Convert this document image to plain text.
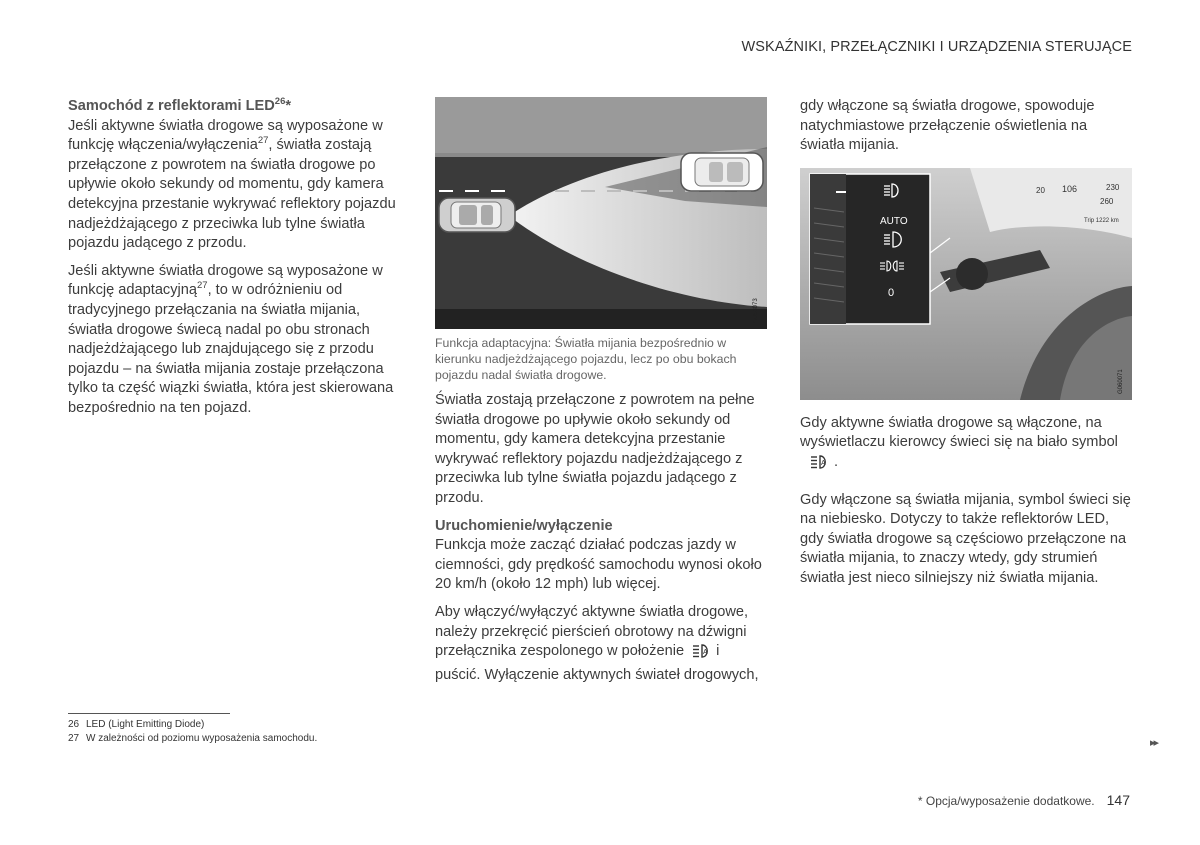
WSKAŹNIKI, PRZEŁĄCZNIKI I URZĄDZENIA STERUJĄCE
Samochód z reflektorami LED$^{26}$*

Jeśli aktywne światła drogowe są wyposażone w funkcję włączenia/wyłączenia$^{27}$, światła zostają przełączone z powrotem na światła drogowe po upływie około sekundy od momentu, gdy kamera detekcyjna przestanie wykrywać reflektory pojazdu nadjeżdżającego z przeciwka lub tylne światła pojazdu jadącego z przodu.

Jeśli aktywne światła drogowe są wyposażone w funkcję adaptacyjną$^{27}$, to w odróżnieniu od tradycyjnego przełączania na światła mijania, światła drogowe świecą nadal po obu stronach nadjeżdżającego lub znajdującego się z przodu pojazdu – na światła mijania zostaje przełączona tylko ta część wiązki światła, która jest skierowana bezpośrednio na ten pojazd.

G053073

Funkcja adaptacyjna: Światła mijania bezpośrednio w kierunku nadjeżdżającego pojazdu, lecz po obu bokach pojazdu nadal światła drogowe.

Światła zostają przełączone z powrotem na pełne światła drogowe po upływie około sekundy od momentu, gdy kamera detekcyjna przestanie wykrywać reflektory pojazdu nadjeżdżającego z przeciwka lub tylne światła pojazdu jadącego z przodu.

Uruchomienie/wyłączenie

Funkcja może zacząć działać podczas jazdy w ciemności, gdy prędkość samochodu wynosi około 20 km/h (około 12 mph) lub więcej.

Aby włączyć/wyłączyć aktywne światła drogowe, należy przekręcić pierścień obrotowy na dźwigni przełącznika zespolonego w położenie	A i puścić. Wyłączenie aktywnych świateł drogowych,

gdy włączone są światła drogowe, spowoduje natychmiastowe przełączenie oświetlenia na światła mijania.

20	230
106
260
Trip 1222 km
AUTO
0
G060071

Gdy aktywne światła drogowe są włączone, na wyświetlaczu kierowcy świeci się na biało symbol

A .

Gdy włączone są światła mijania, symbol świeci się na niebiesko. Dotyczy to także reflektorów LED, gdy światła drogowe są częściowo przełączone na światła mijania, to znaczy wtedy, gdy strumień światła jest nieco silniejszy niż światła mijania.

26 LED (Light Emitting Diode)
27 W zależności od poziomu wyposażenia samochodu.	▸▸
* Opcja/wyposażenie dodatkowe. 147
